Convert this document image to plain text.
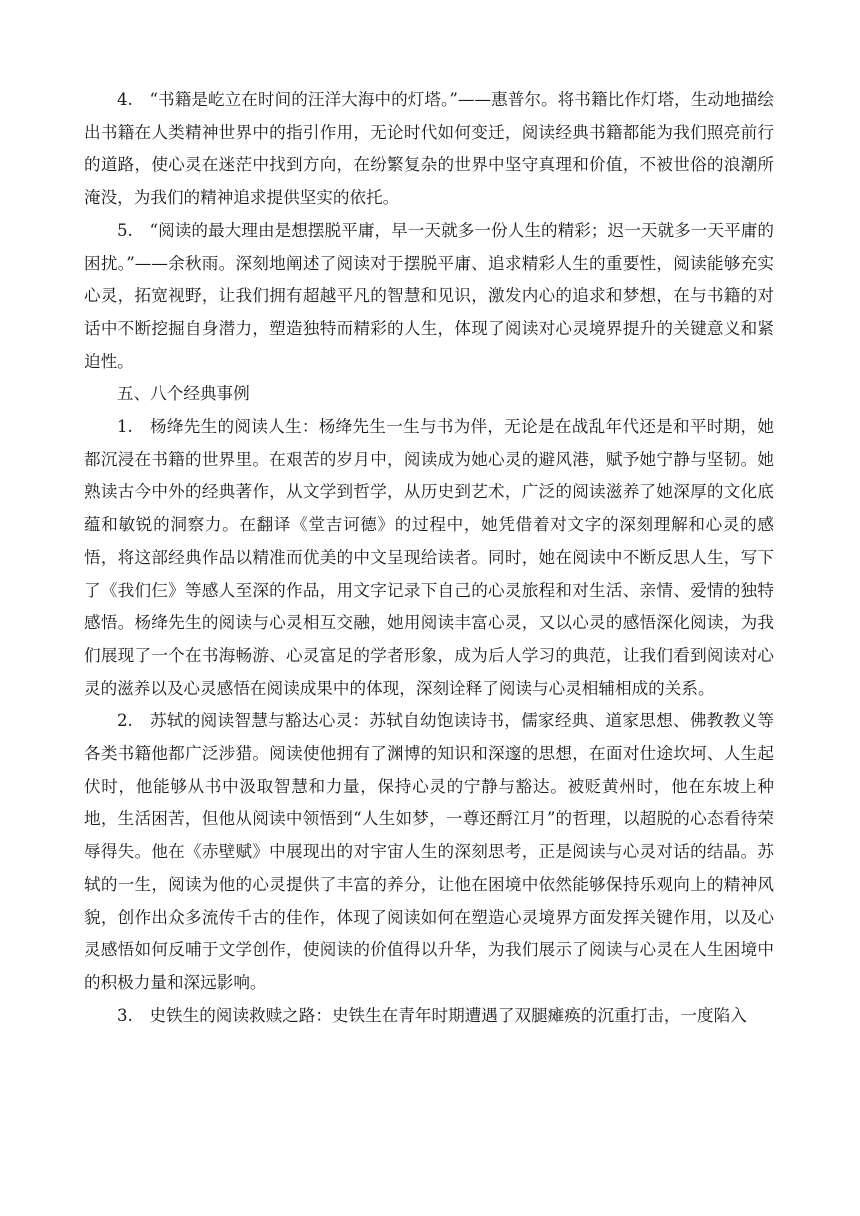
4.　“书籍是屹立在时间的汪洋大海中的灯塔。”——惠普尔。将书籍比作灯塔，生动地描绘出书籍在人类精神世界中的指引作用，无论时代如何变迁，阅读经典书籍都能为我们照亮前行的道路，使心灵在迷茫中找到方向，在纷繁复杂的世界中坚守真理和价值，不被世俗的浪潮所淹没，为我们的精神追求提供坚实的依托。

5.　“阅读的最大理由是想摆脱平庸，早一天就多一份人生的精彩；迟一天就多一天平庸的困扰。”——余秋雨。深刻地阐述了阅读对于摆脱平庸、追求精彩人生的重要性，阅读能够充实心灵，拓宽视野，让我们拥有超越平凡的智慧和见识，激发内心的追求和梦想，在与书籍的对话中不断挖掘自身潜力，塑造独特而精彩的人生，体现了阅读对心灵境界提升的关键意义和紧迫性。

五、八个经典事例

1.　杨绛先生的阅读人生：杨绛先生一生与书为伴，无论是在战乱年代还是和平时期，她都沉浸在书籍的世界里。在艰苦的岁月中，阅读成为她心灵的避风港，赋予她宁静与坚韧。她熟读古今中外的经典著作，从文学到哲学，从历史到艺术，广泛的阅读滋养了她深厚的文化底蕴和敏锐的洞察力。在翻译《堂吉诃德》的过程中，她凭借着对文字的深刻理解和心灵的感悟，将这部经典作品以精准而优美的中文呈现给读者。同时，她在阅读中不断反思人生，写下了《我们仨》等感人至深的作品，用文字记录下自己的心灵旅程和对生活、亲情、爱情的独特感悟。杨绛先生的阅读与心灵相互交融，她用阅读丰富心灵，又以心灵的感悟深化阅读，为我们展现了一个在书海畅游、心灵富足的学者形象，成为后人学习的典范，让我们看到阅读对心灵的滋养以及心灵感悟在阅读成果中的体现，深刻诠释了阅读与心灵相辅相成的关系。

2.　苏轼的阅读智慧与豁达心灵：苏轼自幼饱读诗书，儒家经典、道家思想、佛教教义等各类书籍他都广泛涉猎。阅读使他拥有了渊博的知识和深邃的思想，在面对仕途坎坷、人生起伏时，他能够从书中汲取智慧和力量，保持心灵的宁静与豁达。被贬黄州时，他在东坡上种地，生活困苦，但他从阅读中领悟到“人生如梦，一尊还酹江月”的哲理，以超脱的心态看待荣辱得失。他在《赤壁赋》中展现出的对宇宙人生的深刻思考，正是阅读与心灵对话的结晶。苏轼的一生，阅读为他的心灵提供了丰富的养分，让他在困境中依然能够保持乐观向上的精神风貌，创作出众多流传千古的佳作，体现了阅读如何在塑造心灵境界方面发挥关键作用，以及心灵感悟如何反哺于文学创作，使阅读的价值得以升华，为我们展示了阅读与心灵在人生困境中的积极力量和深远影响。

3.　史铁生的阅读救赎之路：史铁生在青年时期遭遇了双腿瘫痪的沉重打击，一度陷入
